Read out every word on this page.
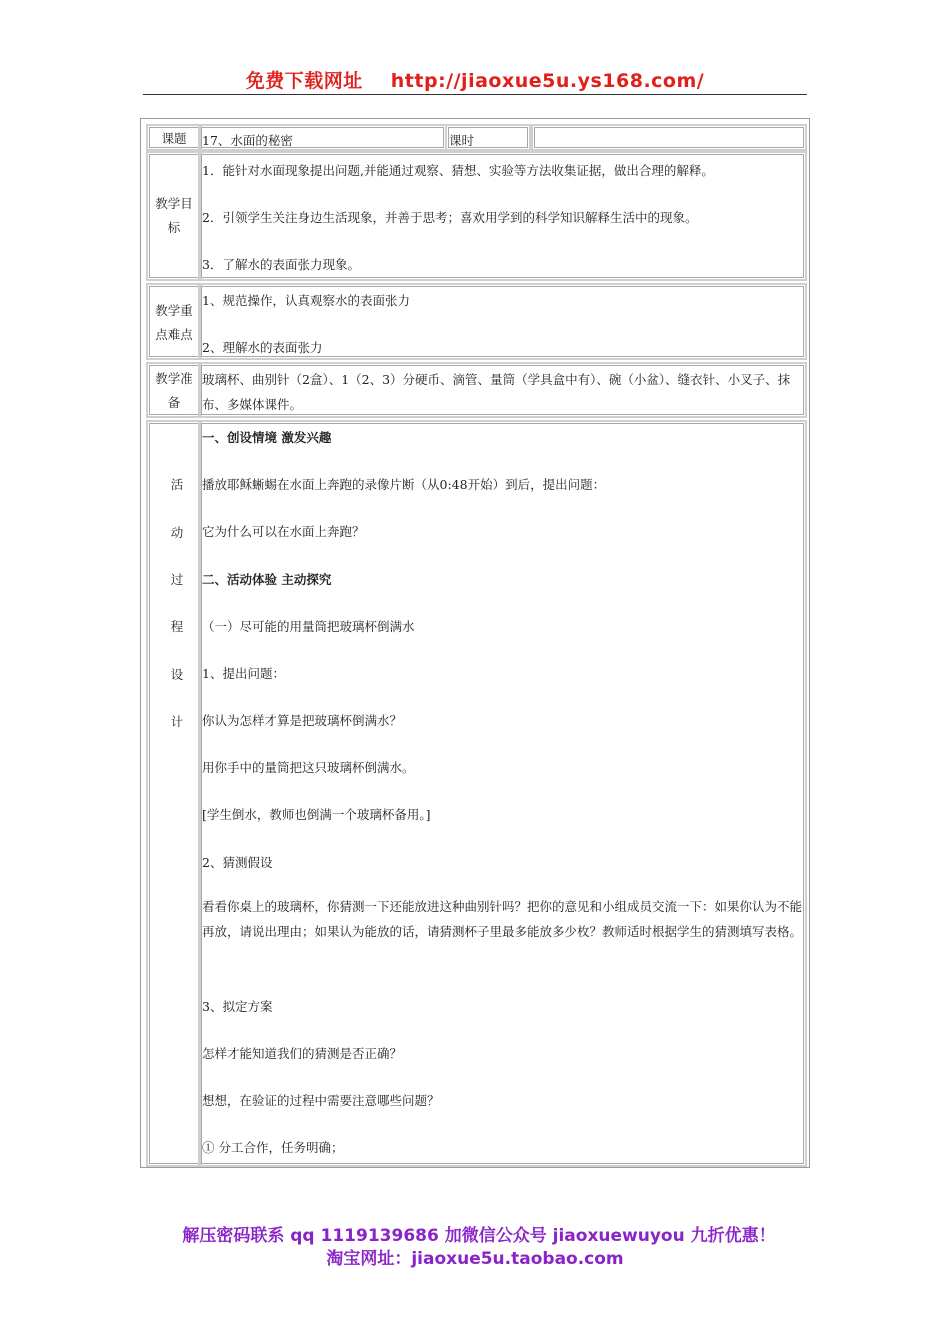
免费下载网址 http://jiaoxue5u.ys168.com/
课题	17、水面的秘密	课时
教学目标
1．能针对水面现象提出问题,并能通过观察、猜想、实验等方法收集证据，做出合理的解释。
2．引领学生关注身边生活现象，并善于思考；喜欢用学到的科学知识解释生活中的现象。
3．了解水的表面张力现象。
教学重点难点
1、规范操作，认真观察水的表面张力
2、理解水的表面张力
教学准备
玻璃杯、曲别针（2盒）、1（2、3）分硬币、滴管、量筒（学具盒中有）、碗（小盆）、缝衣针、小叉子、抹布、多媒体课件。
活
动
过
程
设
计
一、创设情境 激发兴趣
播放耶稣蜥蜴在水面上奔跑的录像片断（从0:48开始）到后，提出问题：
它为什么可以在水面上奔跑？
二、活动体验 主动探究
（一）尽可能的用量筒把玻璃杯倒满水
1、提出问题：
你认为怎样才算是把玻璃杯倒满水？
用你手中的量筒把这只玻璃杯倒满水。
[学生倒水，教师也倒满一个玻璃杯备用。]
2、猜测假设
看看你桌上的玻璃杯，你猜测一下还能放进这种曲别针吗？把你的意见和小组成员交流一下：如果你认为不能再放，请说出理由；如果认为能放的话，请猜测杯子里最多能放多少枚？教师适时根据学生的猜测填写表格。
3、拟定方案
怎样才能知道我们的猜测是否正确？
想想，在验证的过程中需要注意哪些问题？
① 分工合作，任务明确；
解压密码联系 qq 1119139686 加微信公众号 jiaoxuewuyou 九折优惠！
淘宝网址：jiaoxue5u.taobao.com
